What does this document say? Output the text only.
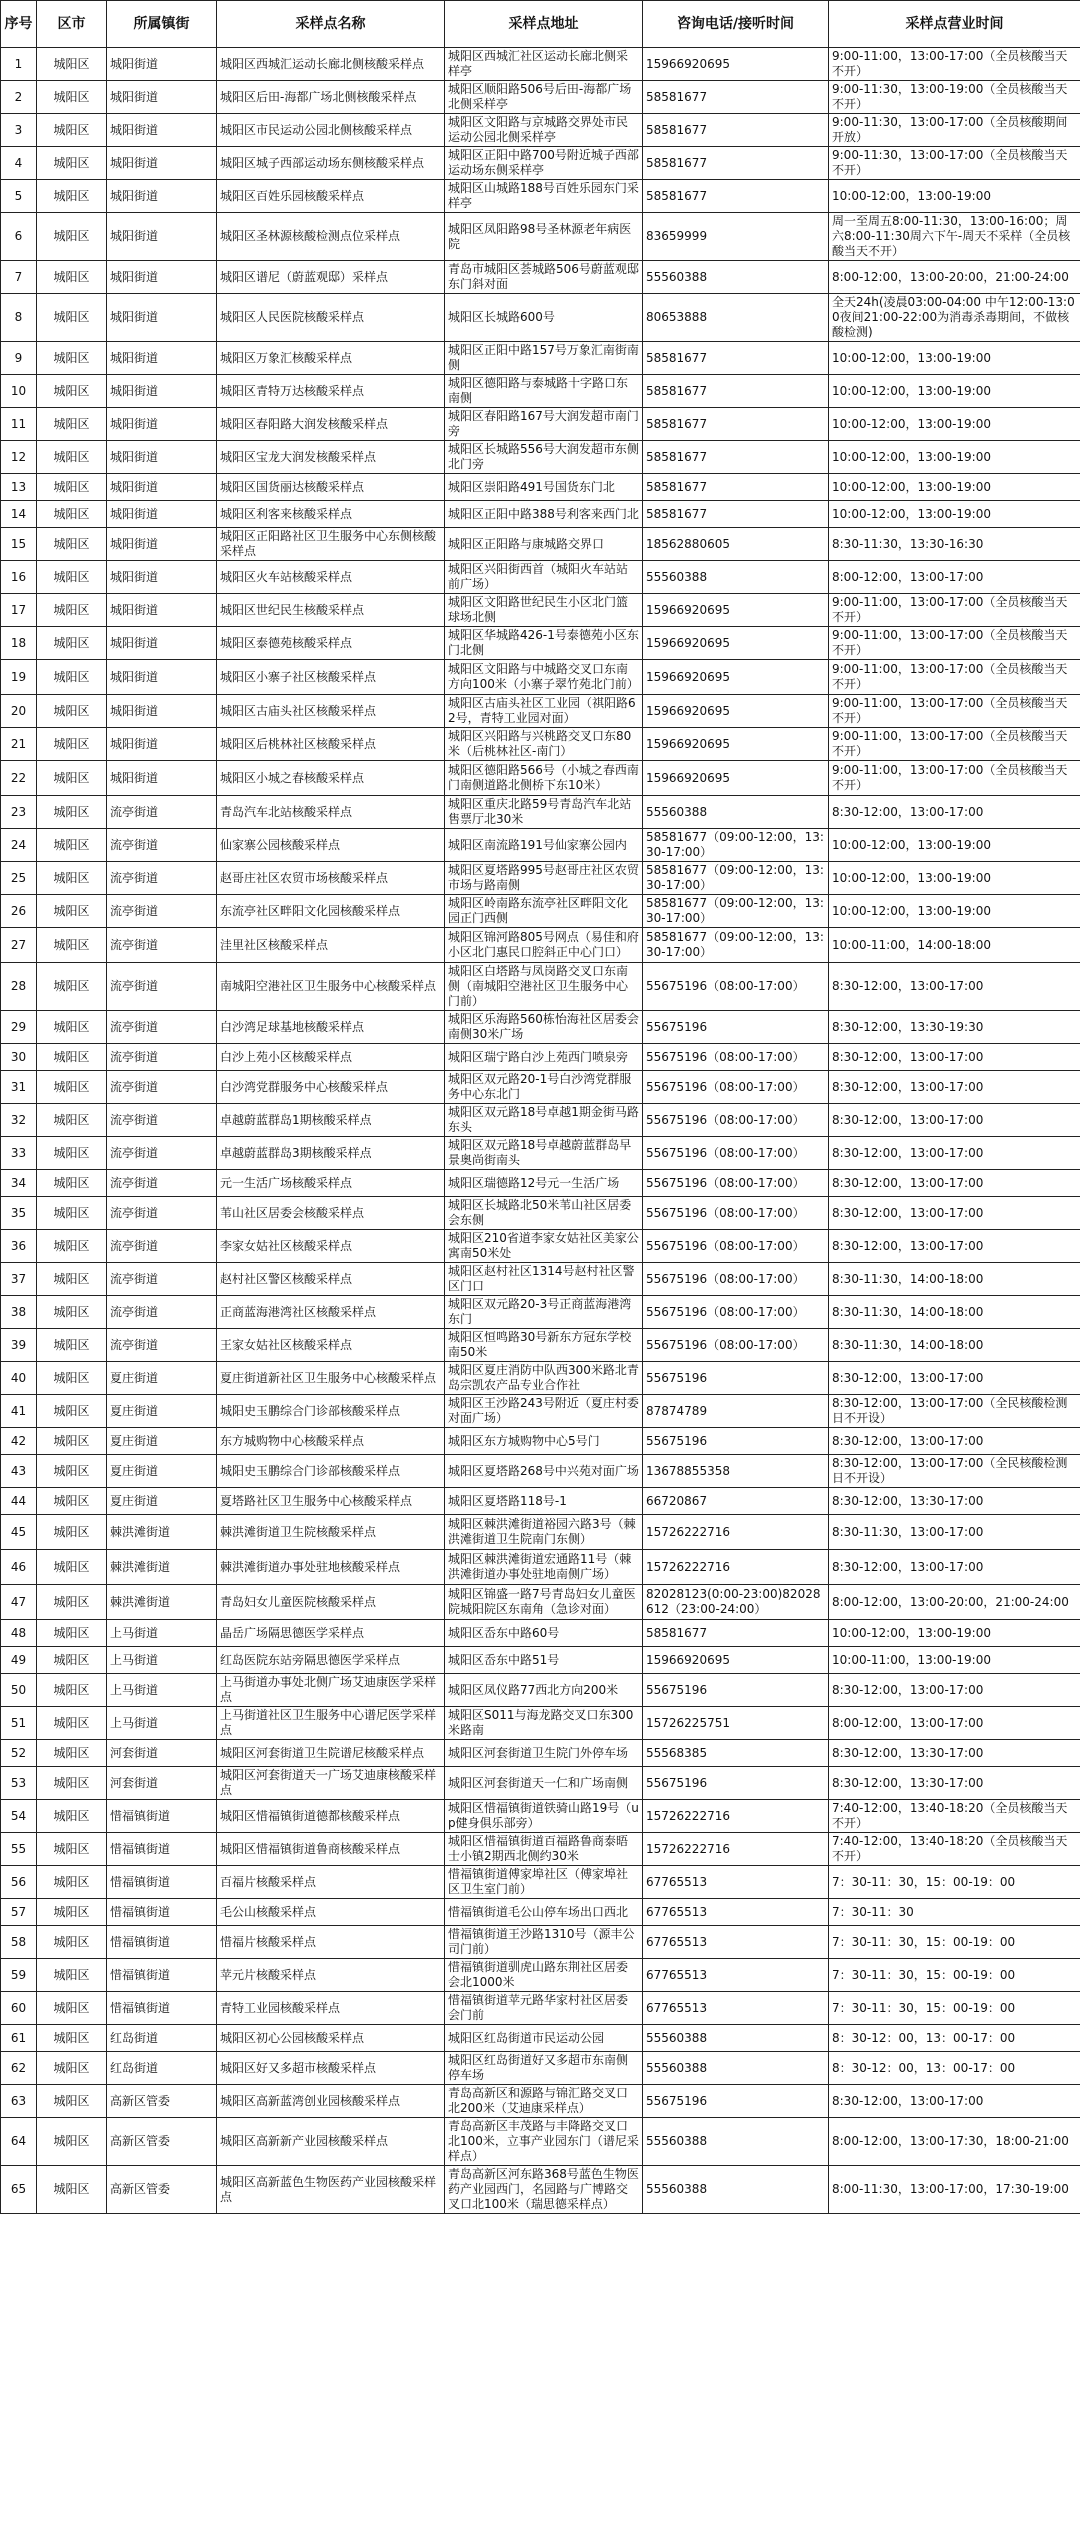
序号	区市	所属镇街	采样点名称	采样点地址	咨询电话/接听时间	采样点营业时间
1	城阳区	城阳街道	城阳区西城汇运动长廊北侧核酸采样点	城阳区西城汇社区运动长廊北侧采样亭	15966920695	9:00-11:00，13:00-17:00（全员核酸当天不开）
2	城阳区	城阳街道	城阳区后田-海都广场北侧核酸采样点	城阳区顺阳路506号后田-海都广场北侧采样亭	58581677	9:00-11:30，13:00-19:00（全员核酸当天不开）
3	城阳区	城阳街道	城阳区市民运动公园北侧核酸采样点	城阳区文阳路与京城路交界处市民运动公园北侧采样亭	58581677	9:00-11:30，13:00-17:00（全员核酸期间开放）
4	城阳区	城阳街道	城阳区城子西部运动场东侧核酸采样点	城阳区正阳中路700号附近城子西部运动场东侧采样亭	58581677	9:00-11:30，13:00-17:00（全员核酸当天不开）
5	城阳区	城阳街道	城阳区百姓乐园核酸采样点	城阳区山城路188号百姓乐园东门采样亭	58581677	10:00-12:00，13:00-19:00
6	城阳区	城阳街道	城阳区圣林源核酸检测点位采样点	城阳区凤阳路98号圣林源老年病医院	83659999	周一至周五8:00-11:30，13:00-16:00；周六8:00-11:30周六下午-周天不采样（全员核酸当天不开）
7	城阳区	城阳街道	城阳区谱尼（蔚蓝观邸）采样点	青岛市城阳区荟城路506号蔚蓝观邸东门斜对面	55560388	8:00-12:00，13:00-20:00，21:00-24:00
8	城阳区	城阳街道	城阳区人民医院核酸采样点	城阳区长城路600号	80653888	全天24h(凌晨03:00-04:00 中午12:00-13:00夜间21:00-22:00为消毒杀毒期间，不做核酸检测)
9	城阳区	城阳街道	城阳区万象汇核酸采样点	城阳区正阳中路157号万象汇南街南侧	58581677	10:00-12:00，13:00-19:00
10	城阳区	城阳街道	城阳区青特万达核酸采样点	城阳区德阳路与泰城路十字路口东南侧	58581677	10:00-12:00，13:00-19:00
11	城阳区	城阳街道	城阳区春阳路大润发核酸采样点	城阳区春阳路167号大润发超市南门旁	58581677	10:00-12:00，13:00-19:00
12	城阳区	城阳街道	城阳区宝龙大润发核酸采样点	城阳区长城路556号大润发超市东侧北门旁	58581677	10:00-12:00，13:00-19:00
13	城阳区	城阳街道	城阳区国货丽达核酸采样点	城阳区崇阳路491号国货东门北	58581677	10:00-12:00，13:00-19:00
14	城阳区	城阳街道	城阳区利客来核酸采样点	城阳区正阳中路388号利客来西门北	58581677	10:00-12:00，13:00-19:00
15	城阳区	城阳街道	城阳区正阳路社区卫生服务中心东侧核酸采样点	城阳区正阳路与康城路交界口	18562880605	8:30-11:30，13:30-16:30
16	城阳区	城阳街道	城阳区火车站核酸采样点	城阳区兴阳街西首（城阳火车站站前广场）	55560388	8:00-12:00，13:00-17:00
17	城阳区	城阳街道	城阳区世纪民生核酸采样点	城阳区文阳路世纪民生小区北门篮球场北侧	15966920695	9:00-11:00，13:00-17:00（全员核酸当天不开）
18	城阳区	城阳街道	城阳区泰德苑核酸采样点	城阳区华城路426-1号泰德苑小区东门北侧	15966920695	9:00-11:00，13:00-17:00（全员核酸当天不开）
19	城阳区	城阳街道	城阳区小寨子社区核酸采样点	城阳区文阳路与中城路交叉口东南方向100米（小寨子翠竹苑北门前）	15966920695	9:00-11:00，13:00-17:00（全员核酸当天不开）
20	城阳区	城阳街道	城阳区古庙头社区核酸采样点	城阳区古庙头社区工业园（祺阳路62号，青特工业园对面）	15966920695	9:00-11:00，13:00-17:00（全员核酸当天不开）
21	城阳区	城阳街道	城阳区后桃林社区核酸采样点	城阳区兴阳路与兴桃路交叉口东80米（后桃林社区-南门）	15966920695	9:00-11:00，13:00-17:00（全员核酸当天不开）
22	城阳区	城阳街道	城阳区小城之春核酸采样点	城阳区德阳路566号（小城之春西南门南侧道路北侧桥下东10米）	15966920695	9:00-11:00，13:00-17:00（全员核酸当天不开）
23	城阳区	流亭街道	青岛汽车北站核酸采样点	城阳区重庆北路59号青岛汽车北站售票厅北30米	55560388	8:30-12:00，13:00-17:00
24	城阳区	流亭街道	仙家寨公园核酸采样点	城阳区南流路191号仙家寨公园内	58581677（09:00-12:00，13:30-17:00）	10:00-12:00，13:00-19:00
25	城阳区	流亭街道	赵哥庄社区农贸市场核酸采样点	城阳区夏塔路995号赵哥庄社区农贸市场与路南侧	58581677（09:00-12:00，13:30-17:00）	10:00-12:00，13:00-19:00
26	城阳区	流亭街道	东流亭社区畔阳文化园核酸采样点	城阳区岭南路东流亭社区畔阳文化园正门西侧	58581677（09:00-12:00，13:30-17:00）	10:00-12:00，13:00-19:00
27	城阳区	流亭街道	洼里社区核酸采样点	城阳区锦河路805号网点（易佳和府小区北门惠民口腔斜正中心门口）	58581677（09:00-12:00，13:30-17:00）	10:00-11:00，14:00-18:00
28	城阳区	流亭街道	南城阳空港社区卫生服务中心核酸采样点	城阳区白塔路与凤岗路交叉口东南侧（南城阳空港社区卫生服务中心门前）	55675196（08:00-17:00）	8:30-12:00，13:00-17:00
29	城阳区	流亭街道	白沙湾足球基地核酸采样点	城阳区乐海路560栋怡海社区居委会南侧30米广场	55675196	8:30-12:00，13:30-19:30
30	城阳区	流亭街道	白沙上苑小区核酸采样点	城阳区瑞宁路白沙上苑西门喷泉旁	55675196（08:00-17:00）	8:30-12:00，13:00-17:00
31	城阳区	流亭街道	白沙湾党群服务中心核酸采样点	城阳区双元路20-1号白沙湾党群服务中心东北门	55675196（08:00-17:00）	8:30-12:00，13:00-17:00
32	城阳区	流亭街道	卓越蔚蓝群岛1期核酸采样点	城阳区双元路18号卓越1期金街马路东头	55675196（08:00-17:00）	8:30-12:00，13:00-17:00
33	城阳区	流亭街道	卓越蔚蓝群岛3期核酸采样点	城阳区双元路18号卓越蔚蓝群岛早景奥尚街南头	55675196（08:00-17:00）	8:30-12:00，13:00-17:00
34	城阳区	流亭街道	元一生活广场核酸采样点	城阳区瑞德路12号元一生活广场	55675196（08:00-17:00）	8:30-12:00，13:00-17:00
35	城阳区	流亭街道	苇山社区居委会核酸采样点	城阳区长城路北50米苇山社区居委会东侧	55675196（08:00-17:00）	8:30-12:00，13:00-17:00
36	城阳区	流亭街道	李家女姑社区核酸采样点	城阳区210省道李家女姑社区美家公寓南50米处	55675196（08:00-17:00）	8:30-12:00，13:00-17:00
37	城阳区	流亭街道	赵村社区警区核酸采样点	城阳区赵村社区1314号赵村社区警区门口	55675196（08:00-17:00）	8:30-11:30，14:00-18:00
38	城阳区	流亭街道	正商蓝海港湾社区核酸采样点	城阳区双元路20-3号正商蓝海港湾东门	55675196（08:00-17:00）	8:30-11:30，14:00-18:00
39	城阳区	流亭街道	王家女姑社区核酸采样点	城阳区恒鸣路30号新东方冠东学校南50米	55675196（08:00-17:00）	8:30-11:30，14:00-18:00
40	城阳区	夏庄街道	夏庄街道新社区卫生服务中心核酸采样点	城阳区夏庄消防中队西300米路北青岛宗凯农产品专业合作社	55675196	8:30-12:00，13:00-17:00
41	城阳区	夏庄街道	城阳史玉鹏综合门诊部核酸采样点	城阳区王沙路243号附近（夏庄村委对面广场）	87874789	8:30-12:00，13:00-17:00（全民核酸检测日不开设）
42	城阳区	夏庄街道	东方城购物中心核酸采样点	城阳区东方城购物中心5号门	55675196	8:30-12:00，13:00-17:00
43	城阳区	夏庄街道	城阳史玉鹏综合门诊部核酸采样点	城阳区夏塔路268号中兴苑对面广场	13678855358	8:30-12:00，13:00-17:00（全民核酸检测日不开设）
44	城阳区	夏庄街道	夏塔路社区卫生服务中心核酸采样点	城阳区夏塔路118号-1	66720867	8:30-12:00，13:30-17:00
45	城阳区	棘洪滩街道	棘洪滩街道卫生院核酸采样点	城阳区棘洪滩街道裕园六路3号（棘洪滩街道卫生院南门东侧）	15726222716	8:30-11:30，13:00-17:00
46	城阳区	棘洪滩街道	棘洪滩街道办事处驻地核酸采样点	城阳区棘洪滩街道宏通路11号（棘洪滩街道办事处驻地南侧广场）	15726222716	8:30-12:00，13:00-17:00
47	城阳区	棘洪滩街道	青岛妇女儿童医院核酸采样点	城阳区锦盛一路7号青岛妇女儿童医院城阳院区东南角（急诊对面）	82028123(0:00-23:00)82028612（23:00-24:00）	8:00-12:00，13:00-20:00，21:00-24:00
48	城阳区	上马街道	晶岳广场隔思德医学采样点	城阳区岙东中路60号	58581677	10:00-12:00，13:00-19:00
49	城阳区	上马街道	红岛医院东站旁隔思德医学采样点	城阳区岙东中路51号	15966920695	10:00-11:00，13:00-19:00
50	城阳区	上马街道	上马街道办事处北侧广场艾迪康医学采样点	城阳区凤仪路77西北方向200米	55675196	8:30-12:00，13:00-17:00
51	城阳区	上马街道	上马街道社区卫生服务中心谱尼医学采样点	城阳区S011与海龙路交叉口东300米路南	15726225751	8:00-12:00，13:00-17:00
52	城阳区	河套街道	城阳区河套街道卫生院谱尼核酸采样点	城阳区河套街道卫生院门外停车场	55568385	8:30-12:00，13:30-17:00
53	城阳区	河套街道	城阳区河套街道天一广场艾迪康核酸采样点	城阳区河套街道天一仁和广场南侧	55675196	8:30-12:00，13:30-17:00
54	城阳区	惜福镇街道	城阳区惜福镇街道德都核酸采样点	城阳区惜福镇街道铁骑山路19号（up健身俱乐部旁）	15726222716	7:40-12:00，13:40-18:20（全员核酸当天不开）
55	城阳区	惜福镇街道	城阳区惜福镇街道鲁商核酸采样点	城阳区惜福镇街道百福路鲁商泰晤士小镇2期西北侧约30米	15726222716	7:40-12:00，13:40-18:20（全员核酸当天不开）
56	城阳区	惜福镇街道	百福片核酸采样点	惜福镇街道傅家埠社区（傅家埠社区卫生室门前）	67765513	7：30-11：30，15：00-19：00
57	城阳区	惜福镇街道	毛公山核酸采样点	惜福镇街道毛公山停车场出口西北	67765513	7：30-11：30
58	城阳区	惜福镇街道	惜福片核酸采样点	惜福镇街道王沙路1310号（源丰公司门前）	67765513	7：30-11：30，15：00-19：00
59	城阳区	惜福镇街道	苹元片核酸采样点	惜福镇街道驯虎山路东荆社区居委会北1000米	67765513	7：30-11：30，15：00-19：00
60	城阳区	惜福镇街道	青特工业园核酸采样点	惜福镇街道苹元路华家村社区居委会门前	67765513	7：30-11：30，15：00-19：00
61	城阳区	红岛街道	城阳区初心公园核酸采样点	城阳区红岛街道市民运动公园	55560388	8：30-12：00，13：00-17：00
62	城阳区	红岛街道	城阳区好又多超市核酸采样点	城阳区红岛街道好又多超市东南侧停车场	55560388	8：30-12：00，13：00-17：00
63	城阳区	高新区管委	城阳区高新蓝湾创业园核酸采样点	青岛高新区和源路与锦汇路交叉口北200米（艾迪康采样点）	55675196	8:30-12:00，13:00-17:00
64	城阳区	高新区管委	城阳区高新新产业园核酸采样点	青岛高新区丰茂路与丰降路交叉口北100米，立事产业园东门（谱尼采样点）	55560388	8:00-12:00，13:00-17:30，18:00-21:00
65	城阳区	高新区管委	城阳区高新蓝色生物医药产业园核酸采样点	青岛高新区河东路368号蓝色生物医药产业园西门，名园路与广博路交叉口北100米（瑞思德采样点）	55560388	8:00-11:30，13:00-17:00，17:30-19:00
